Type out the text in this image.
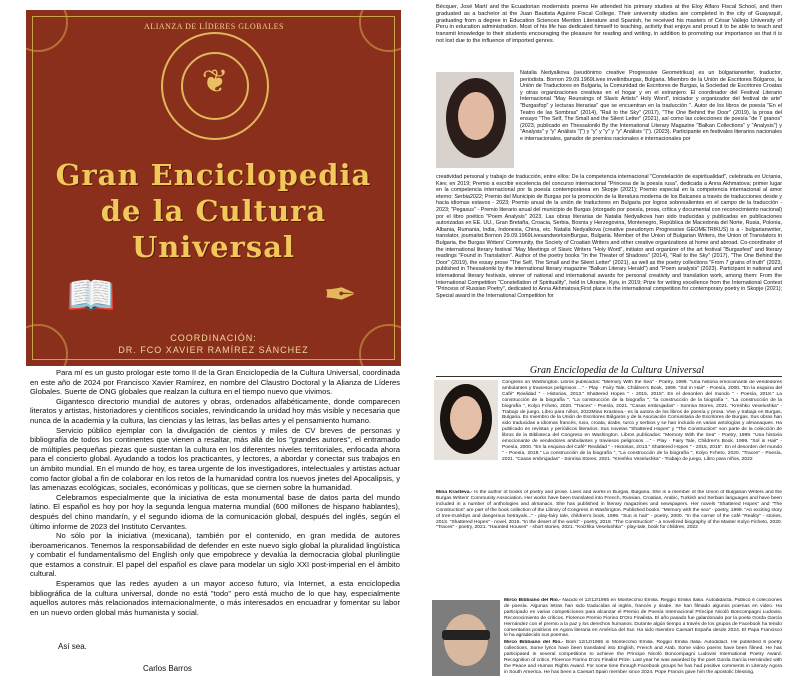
❦
ALIANZA DE LÍDERES GLOBALES
Gran Enciclopedia
de la Cultura
Universal
📖	✒
COORDINACIÓN:
DR. FCO XAVIER RAMÍREZ SÁNCHEZ

Para mí es un gusto prologar este tomo II de la Gran Enciclopedia de la Cultura Universal, coordinada en este año de 2024 por Francisco Xavier Ramírez, en nombre del Claustro Doctoral y la Alianza de Líderes Globales. Suerte de ONG globales que realzan la cultura en el tiempo nuevo que vivimos.

Gigantesco directorio mundial de autores y obras, ordenados alfabéticamente, donde comparecen literatos y artistas, historiadores y científicos sociales, reivindicando la unidad hoy más visible y necesaria que nunca de la academia y la cultura, las ciencias y las letras, las bellas artes y el pensamiento humano.

Servicio público ejemplar con la divulgación de cientos y miles de CV breves de personas y bibliografía de todos los continentes que vienen a resaltar, más allá de los "grandes autores", el entramado de múltiples pequeñas piezas que sustentan la cultura en los diferentes niveles territoriales, enfocada ahora para el concierto global. Ayudando a todos los practicantes, y lectores, a abordar y conectar sus trabajos en un ámbito mundial. En el mundo de hoy, es tarea urgente de los investigadores, intelectuales y artistas actuar como factor global a fin de colaborar en los retos de la humanidad contra los nuevos jinetes del Apocalipsis, y las amenazas ecológicas, sociales, económicas y políticas, que se ciernen sobre la humanidad.

Celebramos especialmente que la iniciativa de esta monumental base de datos parta del mundo latino. El español es hoy por hoy la segunda lengua materna mundial (600 millones de hispano hablantes), después del chino mandarín, y el segundo idioma de la comunicación global, después del inglés, según el último informe de 2023 del Instituto Cervantes.

No sólo por la iniciativa (mexicana), también por el contenido, en gran medida de autores iberoamericanos. Tenemos la responsabilidad de defender en este nuevo siglo global la pluralidad lingüística y combatir el fundamentalismo del English only que empobrece y devalúa la democracia global plurilingüe que estamos a construir. El papel del español es clave para modelar un siglo XXI post-imperial en el ámbito cultural.

Esperamos que las redes ayuden a un mayor acceso futuro, vía Internet, a esta enciclopedia bibliográfica de la cultura universal, donde no está "todo" pero está mucho de lo que hay, especialmente aquellos autores más relacionados internacionalmente, o más interesados en encuadrar y fomentar su labor en un nuevo orden global más humanista y social.

Así sea.
Carlos Barros
Bécquer, José Martí and the Ecuadorian modernists poems He attended his primary studies at the Eloy Alfaro Fiscal School, and then graduated as a bachelor at the Juan Bautista Aguirre Fiscal College. Their university studies are completed in the city of Guayaquil, graduating from a degree in Education Sciences Mention Literature and Spanish, he received his masters of César Vallejo University of Peru in education administration. Most of his life has dedicated himself to teaching, activity that enjoys and proud it to be able to teach and transmit knowledge to their students encouraging the pleasure for reading and writing, in addition to promoting our importance so that it is not lost due to the influence of imported genres.
Natalia Nedyalkova (seudónimo creative Progressive Geometrikus) es un búlgarianwriter, traductor, periodista. Bornon 29.09.1969Lives inveliintburgas, Bulgaria. Miembro de la Unión de Escritores Búlgaros, la Unión de Traductores en Bulgaria, la Comunidad de Escritores de Burgas, la Sociedad de Escritores Croatas y otras organizaciones creativas en el hogar y en el extranjero. El coordinador del Festival Literario Internacional "May Reunsings of Slavic Artists" Holy Word", iniciador y organizador del festival de arte" "Burgasfop" y lecturas literarias" que se encuentran en la traducción ". Autor de los libros de poesía "En el Teatro de las Sombras" (2014), "Rail to the Sky" (2017), "The One Behind the Door" (2019), la prosa del ensayo "The Self, The Small and the Silent Letter" (2021), así como las colecciones de poesía "de 7 granos" (2023, publicado en Thessaloniki By the International Literary Magazine "Balkan Collections" y "Analysis") y "Analysis" y "y" Análisis "(") y "y" y "y" y "y" Análisis "("). (2023). Participante en festivales literarios nacionales e internacionales, ganador de premios nacionales e internacionales por
creatividad personal y trabajo de traducción, entre ellos: De la competencia internacional "Constelación de espiritualidad", celebrada en Ucrania, Kiev, en 2019; Premio a escribir excelencia del concurso internacional "Princesa de la poesía rusa", dedicada a Anna Akhmatova; primer lugar en la competencia internacional por la poesía contemporánea en Skopje (2021); Premio especial en la competencia internacional al amor eterno: Serbia2022; Premio del Municipio de Burgas por la promoción de la literatura moderna de los Balcanes a través de traducciones desde y hacia idiomas estavos - 2023; Premio anual de la unión de traductores en Bulgaria por logros sobresalientes en el campo de la traducción - 2023; "Pegasus" - Premio literario anual del municipio de Burgas (otorgado por poesía, prosa, crítica y documental con reconocimiento nacional) por el libro poético "Poem Analysis" 2023. Las obras literarias de Natalia Nedyalkova han sido traducidas y publicadas en publicaciones autorizadas en EE. UU., Gran Bretaña, Croacia, Serbia, Bosnia y Herzegovina, Montenegro, República de Macedonia del Norte, Rusia, Polonia, Albania, Rumania, India, Indonesia, China, etc. Natalia Nedyalkova (creative pseudonym Progressive GEOMETRIKUS) is a - bulgarianwriter, translator, journalist.Bornon 29.09.1969LivesandworksinBurgas, Bulgaria. Member of the Union of Bulgarian Writers, the Union of Translators in Bulgaria, the Burgas Writers' Community, the Society of Croatian Writers and other creative organizations at home and abroad. Co-coordinator of the international literary festival "May Meetings of Slavic Writers "Holy Word", initiator and organizer of the art festival "Burgasfest" and literary readings "Found in Translation". Author of the poetry books "In the Theater of Shadows" (2014), "Rail to the Sky" (2017), "The One Behind the Door" (2019), the essay prose "The Self, The Small and the Silent Letter" (2021), as well as the poetry collections "From 7 grains of truth" (2023, published in Thessaloniki by the international literary magazine "Balkan Literary Herald") and "Poem analysis" (2023). Participant in national and international literary festivals, winner of national and international awards for personal creativity and translation work, among them: From the International Competition "Constellation of Spirituality", held in Ukraine, Kyiv, in 2019; Prize for writing excellence from the International Contest "Princess of Russian Poetry", dedicated to Anna Akhmatova;First place in the international competition for contemporary poetry in Skopje (2021); Special award in the International Competition for
Gran Enciclopedia de la Cultura Universal
Congress on Washington. Libros publicados: "Memory With the Sea" - Poetry, 1999. "Una historia emocionante de vendedores ambulantes y traviesos peligrosos ..." - Play · Fairy Tale, Children's Book, 1999. "Sol in Hair" - Poesía, 2000. "En la esquina del Café" Realidad " - Historias, 2013." Shattered Hopes " - 2015, 2015". En el desorden del mundo " - Poesía, 2018." La construcción de la biografía ", "La construcción de la biografía ", "la construcción de la biografía ", "La construcción de la biografía ", Kolyo Fcheto, 2020. "Traces" - Poesía, 2021. "Casas embrujadas" - Sonrisa Stores, 2021. "Kreshko Veselushka" - Trabajo de juego, Libro para niños, 2022Mina Krasteva.- es la autora de los libros de poesía y prosa. Vive y trabaja en Burgas, Bulgaria. Es miembro de la Unión de Escritores Búlgaros y de la Asociación Comunitaria de Escritores de Burgas. Sus obras han sido traducidas a idiomas francés, ruso, croata, árabe, turco y serbios y se han incluido en varias antologías y almanaques. Ha publicado en revistas y periódicos literarios. Sus novelas "Shattered Hopes" y "The Construction" son parte de la colección de libros de la Biblioteca del Congreso en Washington. Libros publicados: "Memory With the Sea" - Poetry, 1999. "Una historia emocionante de vendedores ambulantes y traviesos peligrosos ..." - Play · Fairy Tale, Children's Book, 1999. "Sol in Hair" - Poesía, 2000. "En la esquina del Café" Realidad " - Historias, 2013." Shattered Hopes " - 2015, 2015". En el desorden del mundo " - Poesía, 2018." La construcción de la biografía ", "La construcción de la biografía ", Kolyo Fcheto, 2020. "Traces" - Poesía, 2021. "Casas embrujadas" - Sonrisa Stores, 2021. "Kreshko Veselushka" - Trabajo de juego, Libro para niños, 2022
Mina Krasteva.- Is the author of books of poetry and prose. Lives and works in Burgas, Bulgaria. She is a member of the Union of Bulgarian Writers and the Burgas Writers' Community Association. Her works have been translated into French, Russian, Croatian, Arabic, Turkish and Serbian languages and have been included in a number of anthologies and almanacs. She has published in literary magazines and newspapers. Her novels "Shattered Hopes" and "The Construction" are part of the book collection of the Library of Congress in Washington. Published books: "Memory with the sea" - poetry, 1999. "An exciting story of tree-trunkbys and dangerous betrayals..." - play-fairy tale, children's book, 1999. "Sun in hair" - poetry, 2000. "In the corner of the café "Reality" - stories, 2013. "Shattered Hopes" - novel, 2015. "In the desert of the world" - poetry, 2018. "The Construction" - a novelized biography of the Master Kolyo Ficheto, 2020. "Traces" - poetry, 2021. "Haunted Houses" - short stories, 2021. "Knizhka Veselushka" - play-tale, book for children, 2022
Mirco Bibbiano del Río.- Nacido el 12/12/1965 en Montecchio Emilia. Reggio Emilia Italia. Autodidacta. Publicó 6 colecciones de poesía. Algunas letras han sido traducidas al inglés, francés y árabe. Se han filmado algunos poemas en video. Ha participado en varias competiciones para alcanzar el Premio de Poesía Internacional Príncipe Nicolò Boncompagni Ludovisi. Reconocimiento de críticos. Florence Premio Fiorino D'Oro Finalista. El año pasado fue galardonado por la poeta Gorda García Hernández con el premio a la paz y los derechos humanos. Durante algún tiempo a través de los grupos de Facebook ha tenido comentarios positivos en Agora literaria en América del Sur. Ha sido miembro Caesart España desde 2024. El Papa Francisco le ha agradecido sus poemas.
Mirco Bibbiano del Río.- Born 12/12/1965 in Montecchio Emilia. Reggio Emilia Italia. Autodidact. He published 6 poetry collections. Some lyrics have been translated into English, French and Arab. Some video poems have been filmed. He has participated in several competitions to achieve the Principe Nicolò Boncompagni Ludovisi International Poetry Award. Recognition of critics. Florence Fiorino D'oro Finalist Prize. Last year he was awarded by the poet Gorda García Hernández with the Peace and Human Rights Award. For some time through Facebook groups he has had positive comments in Literary Agora in South America. He has been a Caesart Spain member since 2024. Pope Francis gave him the apostolic blessing.
